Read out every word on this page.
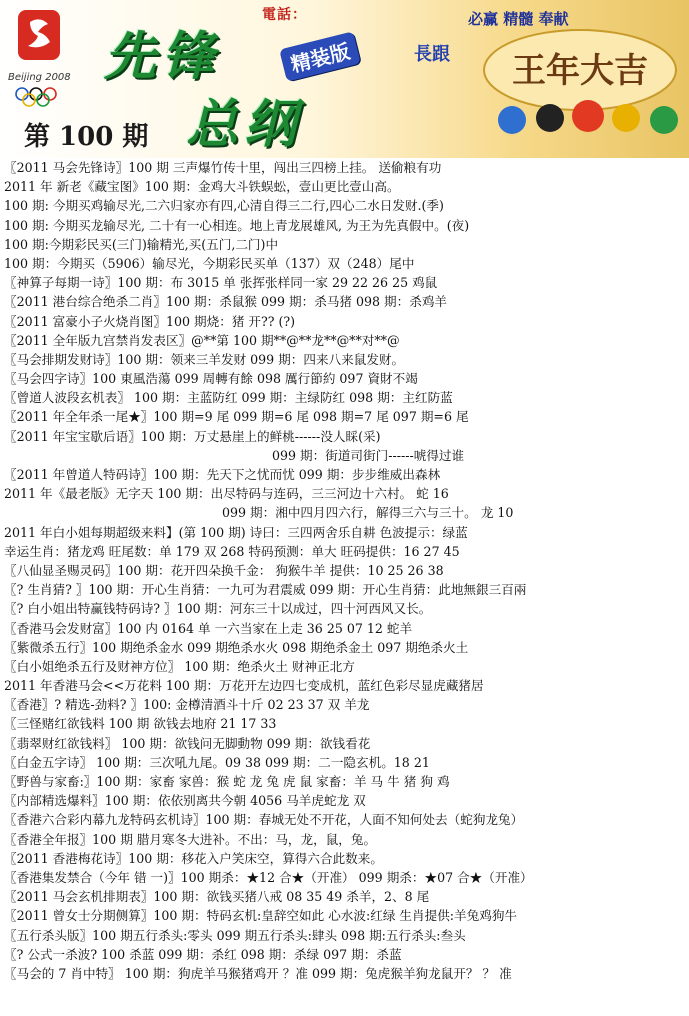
電話：	必赢 精髓 奉献
Beijing 2008 先锋	精装版
总纲
第 100 期
長跟 王年大吉
〖2011 马会先锋诗〗100 期 三声爆竹传十里，闯出三四榜上挂。 送偷粮有功
2011 年 新老《藏宝图》100 期：金鸡大斗铁蜈蚣，壹山更比壹山高。
100 期: 今期买鸡输尽光,二六归家亦有四,心清自得三二行,四心二水日发财.(季)
100 期: 今期买龙输尽光, 二十有一心相连。地上青龙展雄风, 为王为先真假中。(夜)
100 期:今期彩民买(三门)输精光,买(五门,二门)中
100 期：今期买（5906）输尽光，今期彩民买单（137）双（248）尾中
〖神算子每期一诗〗100 期：布 3015 单 张挥张样同一家 29 22 26 25 鸡鼠
〖2011 港台综合绝杀二肖〗100 期：杀鼠猴 099 期：杀马猪 098 期：杀鸡羊
〖2011 富豪小子火烧肖图〗100 期烧：猪 开?? (?)
〖2011 全年版九宫禁肖发表区〗@**第 100 期**@**龙**@**对**@
〖马会排期发财诗〗100 期：领来三羊发财 099 期：四来八来鼠发财。
〖马会四字诗〗100 東風浩蕩 099 周轉有餘 098 厲行節約 097 資財不竭
〖曾道人波段玄机表〗 100 期：主蓝防红 099 期：主绿防红 098 期：主红防蓝
〖2011 年全年杀一尾★〗100 期=9 尾 099 期=6 尾 098 期=7 尾 097 期=6 尾
〖2011 年宝宝歇后语〗100 期：万丈悬崖上的鲜桃------没人睬(采)
099 期：街道司街门------唬得过谁
〖2011 年曾道人特码诗〗100 期：先天下之忧而忧 099 期：步步维威出森林
2011 年《最老版》无字天 100 期：出尽特码与连码，三三河边十六村。 蛇 16
099 期：湘中四月四六行，解得三六与三十。 龙 10
2011 年白小姐每期超级来料】(第 100 期) 诗曰：三四两舍乐自耕 色波提示：绿蓝
幸运生肖：猪龙鸡 旺尾数：单 179 双 268 特码预测：单大 旺码提供：16 27 45
〖八仙显圣赐灵码〗100 期：花开四朵换千金： 狗猴牛羊 提供：10 25 26 38
〖? 生肖猜? 〗100 期：开心生肖猜：一九可为君震威 099 期：开心生肖猜：此地無銀三百兩
〖? 白小姐出特赢钱特码诗? 〗100 期：河东三十以成过，四十河西风又长。
〖香港马会发财富〗100 内 0164 单 一六当家在上走 36 25 07 12 蛇羊
〖紫微杀五行〗100 期绝杀金水 099 期绝杀水火 098 期绝杀金土 097 期绝杀火土
〖白小姐绝杀五行及财神方位〗 100 期：绝杀火土 财神正北方
2011 年香港马会<<万花料 100 期：万花开左边四七变成机，蓝红色彩尽显虎藏猪居
〖香港〗? 精选-劲料? 〗100: 金樽清酒斗十斤 02 23 37 双 羊龙
〖三怪赌红欲钱料 100 期 欲钱去地府 21 17 33
〖翡翠财红欲钱料〗 100 期：欲钱问无脚動物 099 期：欲钱看花
〖白金五字诗〗 100 期：三次吼九尾。09 38 099 期：二一隐玄机。18 21
〖野兽与家畜:〗100 期：家畜 家兽：猴 蛇 龙 兔 虎 鼠 家畜：羊 马 牛 猪 狗 鸡
〖内部精选爆料〗100 期：依依别离共今朝 4056 马羊虎蛇龙 双
〖香港六合彩内幕九龙特码玄机诗〗100 期：春城无处不开花，人面不知何处去（蛇狗龙兔）
〖香港全年报〗100 期 腊月寒冬大进补。不出：马，龙，鼠，兔。
〖2011 香港梅花诗〗100 期：移花入户笑床空，算得六合此数来。
〖香港集发禁合（今年 错 一)〗100 期杀：★12 合★（开准） 099 期杀：★07 合★（开准）
〖2011 马会玄机排期表〗100 期：欲钱买猪八戒 08 35 49 杀羊，2、8 尾
〖2011 曾女士分期侧算〗100 期：特码玄机:皇辞空如此 心水波:红绿 生肖提供:羊兔鸡狗牛
〖五行杀头版〗100 期五行杀头:零头 099 期五行杀头:肆头 098 期:五行杀头:叁头
〖? 公式一杀波? 100 杀蓝 099 期：杀红 098 期：杀绿 097 期：杀蓝
〖马会的 7 肖中特〗 100 期：狗虎羊马猴猪鸡开 ？准 099 期：兔虎猴羊狗龙鼠开？ ？ 准
